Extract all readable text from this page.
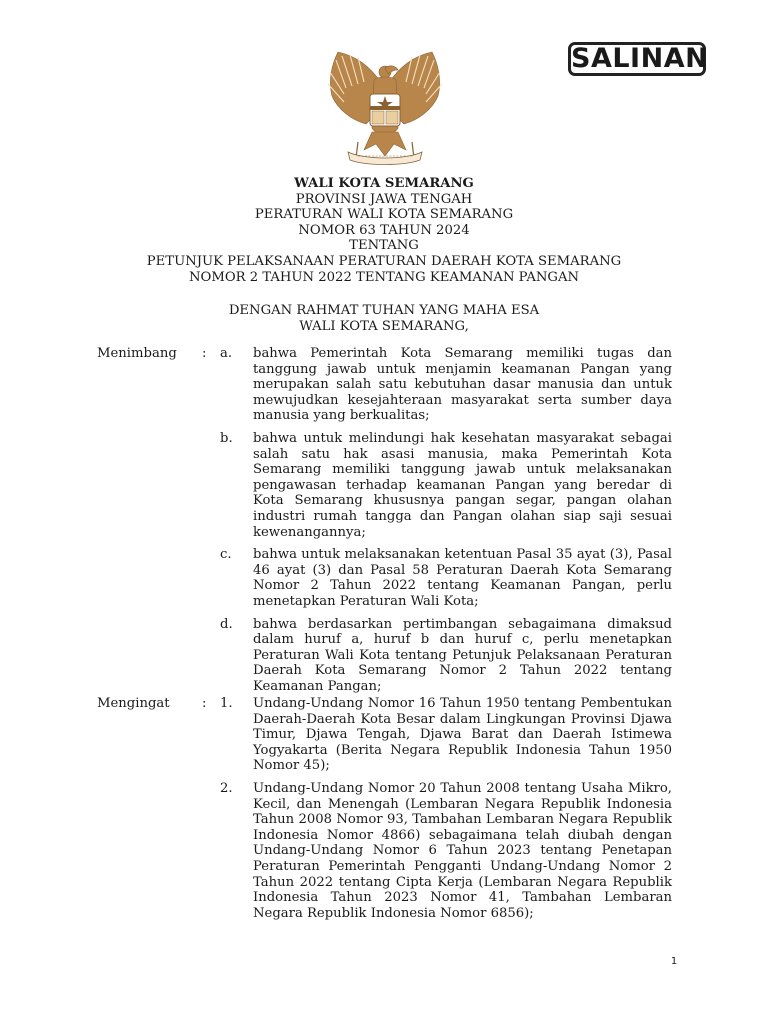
SALINAN
WALI KOTA SEMARANG
PROVINSI JAWA TENGAH
PERATURAN WALI KOTA SEMARANG
NOMOR 63 TAHUN 2024
TENTANG
PETUNJUK PELAKSANAAN PERATURAN DAERAH KOTA SEMARANG
NOMOR 2 TAHUN 2022 TENTANG KEAMANAN PANGAN
DENGAN RAHMAT TUHAN YANG MAHA ESA
WALI KOTA SEMARANG,
Menimbang : a. bahwa Pemerintah Kota Semarang memiliki tugas dan tanggung jawab untuk menjamin keamanan Pangan yang merupakan salah satu kebutuhan dasar manusia dan untuk mewujudkan kesejahteraan masyarakat serta sumber daya manusia yang berkualitas;
b. bahwa untuk melindungi hak kesehatan masyarakat sebagai salah satu hak asasi manusia, maka Pemerintah Kota Semarang memiliki tanggung jawab untuk melaksanakan pengawasan terhadap keamanan Pangan yang beredar di Kota Semarang khususnya pangan segar, pangan olahan industri rumah tangga dan Pangan olahan siap saji sesuai kewenangannya;
c. bahwa untuk melaksanakan ketentuan Pasal 35 ayat (3), Pasal 46 ayat (3) dan Pasal 58 Peraturan Daerah Kota Semarang Nomor 2 Tahun 2022 tentang Keamanan Pangan, perlu menetapkan Peraturan Wali Kota;
d. bahwa berdasarkan pertimbangan sebagaimana dimaksud dalam huruf a, huruf b dan huruf c, perlu menetapkan Peraturan Wali Kota tentang Petunjuk Pelaksanaan Peraturan Daerah Kota Semarang Nomor 2 Tahun 2022 tentang Keamanan Pangan;
Mengingat : 1. Undang-Undang Nomor 16 Tahun 1950 tentang Pembentukan Daerah-Daerah Kota Besar dalam Lingkungan Provinsi Djawa Timur, Djawa Tengah, Djawa Barat dan Daerah Istimewa Yogyakarta (Berita Negara Republik Indonesia Tahun 1950 Nomor 45);
2. Undang-Undang Nomor 20 Tahun 2008 tentang Usaha Mikro, Kecil, dan Menengah (Lembaran Negara Republik Indonesia Tahun 2008 Nomor 93, Tambahan Lembaran Negara Republik Indonesia Nomor 4866) sebagaimana telah diubah dengan Undang-Undang Nomor 6 Tahun 2023 tentang Penetapan Peraturan Pemerintah Pengganti Undang-Undang Nomor 2 Tahun 2022 tentang Cipta Kerja (Lembaran Negara Republik Indonesia Tahun 2023 Nomor 41, Tambahan Lembaran Negara Republik Indonesia Nomor 6856);
1
